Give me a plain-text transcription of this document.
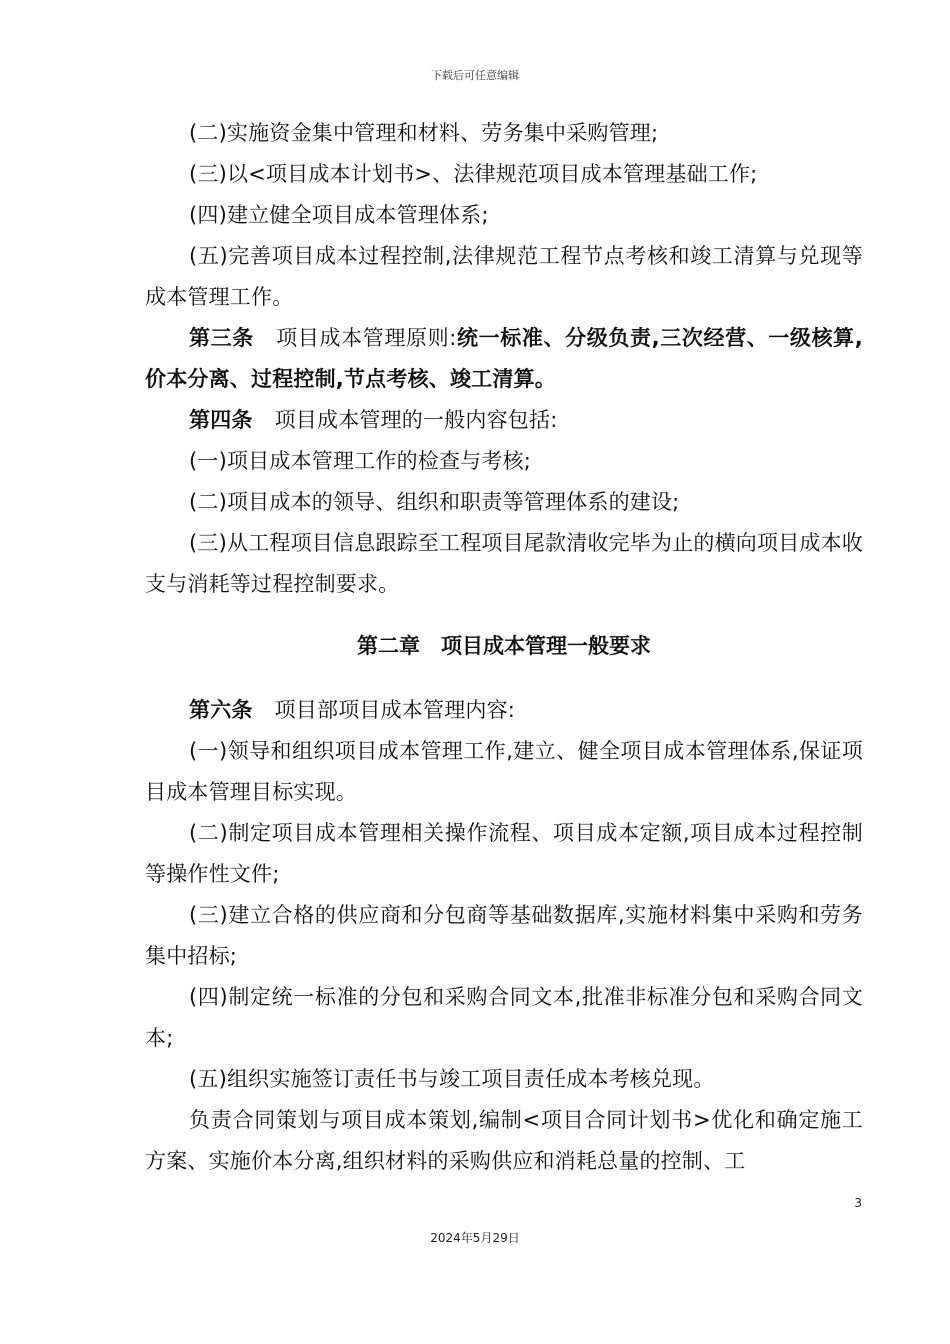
下载后可任意编辑

(二)实施资金集中管理和材料、劳务集中采购管理;

(三)以<项目成本计划书>、法律规范项目成本管理基础工作;

(四)建立健全项目成本管理体系;

(五)完善项目成本过程控制,法律规范工程节点考核和竣工清算与兑现等成本管理工作。

第三条 项目成本管理原则:统一标准、分级负责,三次经营、一级核算,价本分离、过程控制,节点考核、竣工清算。

第四条 项目成本管理的一般内容包括:

(一)项目成本管理工作的检查与考核;

(二)项目成本的领导、组织和职责等管理体系的建设;

(三)从工程项目信息跟踪至工程项目尾款清收完毕为止的横向项目成本收支与消耗等过程控制要求。

第二章　项目成本管理一般要求

第六条 项目部项目成本管理内容:

(一)领导和组织项目成本管理工作,建立、健全项目成本管理体系,保证项目成本管理目标实现。

(二)制定项目成本管理相关操作流程、项目成本定额,项目成本过程控制等操作性文件;

(三)建立合格的供应商和分包商等基础数据库,实施材料集中采购和劳务集中招标;

(四)制定统一标准的分包和采购合同文本,批准非标准分包和采购合同文本;

(五)组织实施签订责任书与竣工项目责任成本考核兑现。

负责合同策划与项目成本策划,编制<项目合同计划书>优化和确定施工方案、实施价本分离,组织材料的采购供应和消耗总量的控制、工

3
2024年5月29日
